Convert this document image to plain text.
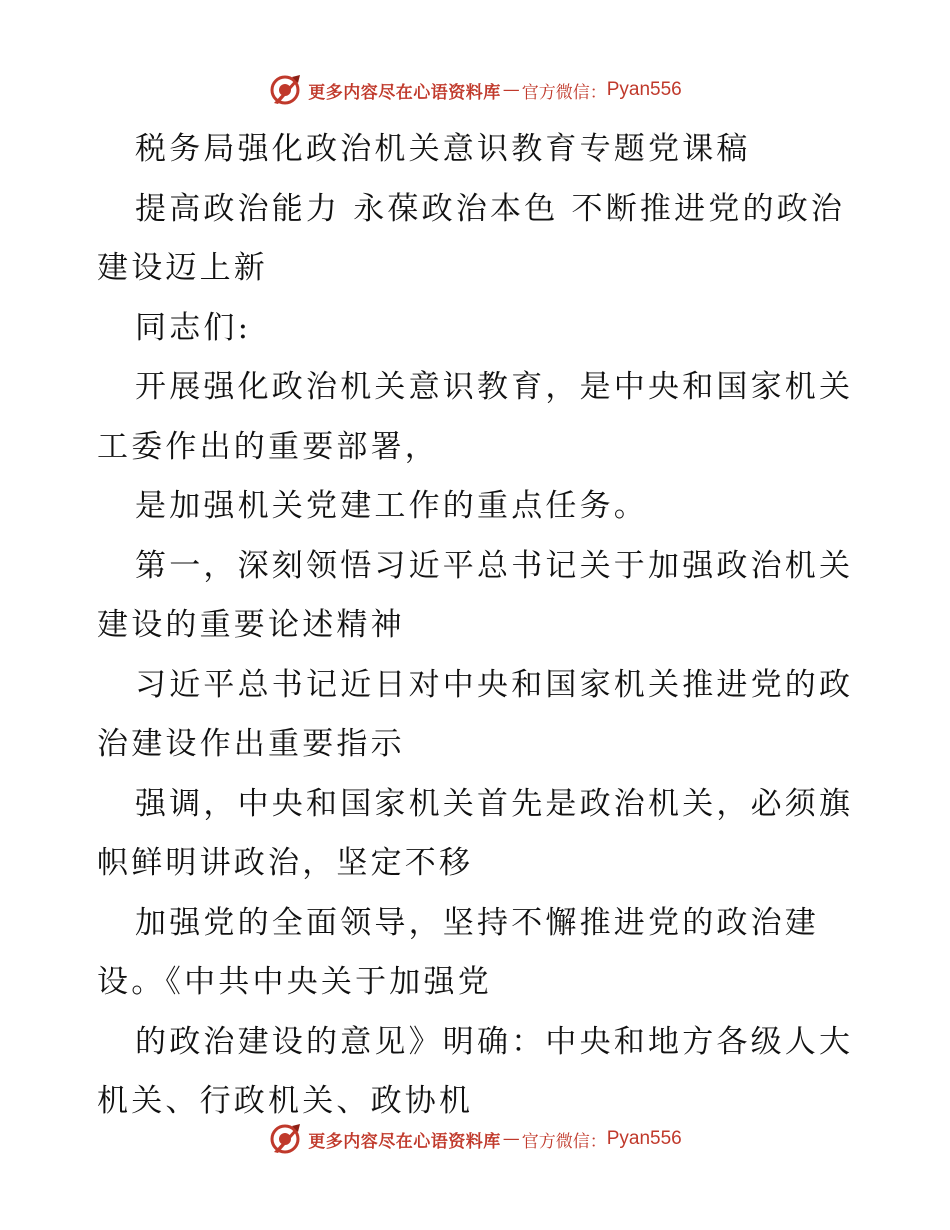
更多内容尽在心语资料库 — 官方微信： Pyan556
税务局强化政治机关意识教育专题党课稿
提高政治能力 永葆政治本色 不断推进党的政治
建设迈上新
同志们:
开展强化政治机关意识教育，是中央和国家机关
工委作出的重要部署，
是加强机关党建工作的重点任务。
第一，深刻领悟习近平总书记关于加强政治机关
建设的重要论述精神
习近平总书记近日对中央和国家机关推进党的政
治建设作出重要指示
强调，中央和国家机关首先是政治机关，必须旗
帜鲜明讲政治，坚定不移
加强党的全面领导，坚持不懈推进党的政治建
设。《中共中央关于加强党
的政治建设的意见》明确：中央和地方各级人大
机关、行政机关、政协机
更多内容尽在心语资料库 — 官方微信： Pyan556
